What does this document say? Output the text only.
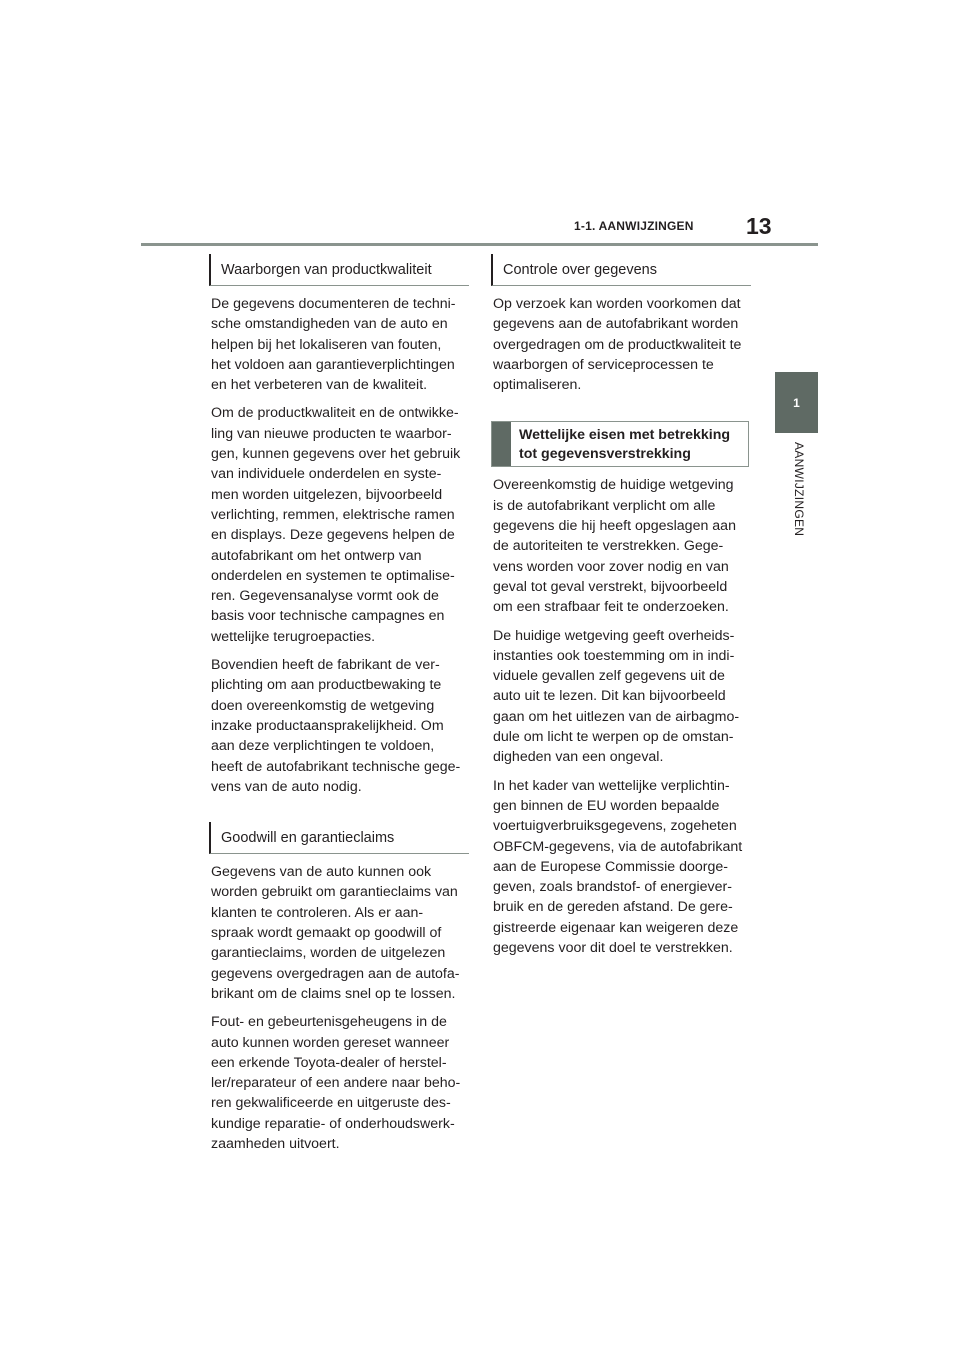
1-1. AANWIJZINGEN 13
1
AANWIJZINGEN
Waarborgen van productkwaliteit
De gegevens documenteren de techni-
sche omstandigheden van de auto en
helpen bij het lokaliseren van fouten,
het voldoen aan garantieverplichtingen
en het verbeteren van de kwaliteit.
Om de productkwaliteit en de ontwikke-
ling van nieuwe producten te waarbor-
gen, kunnen gegevens over het gebruik
van individuele onderdelen en syste-
men worden uitgelezen, bijvoorbeeld
verlichting, remmen, elektrische ramen
en displays. Deze gegevens helpen de
autofabrikant om het ontwerp van
onderdelen en systemen te optimalise-
ren. Gegevensanalyse vormt ook de
basis voor technische campagnes en
wettelijke terugroepacties.
Bovendien heeft de fabrikant de ver-
plichting om aan productbewaking te
doen overeenkomstig de wetgeving
inzake productaansprakelijkheid. Om
aan deze verplichtingen te voldoen,
heeft de autofabrikant technische gege-
vens van de auto nodig.
Goodwill en garantieclaims
Gegevens van de auto kunnen ook
worden gebruikt om garantieclaims van
klanten te controleren. Als er aan-
spraak wordt gemaakt op goodwill of
garantieclaims, worden de uitgelezen
gegevens overgedragen aan de autofa-
brikant om de claims snel op te lossen.
Fout- en gebeurtenisgeheugens in de
auto kunnen worden gereset wanneer
een erkende Toyota-dealer of herstel-
ler/reparateur of een andere naar beho-
ren gekwalificeerde en uitgeruste des-
kundige reparatie- of onderhoudswerk-
zaamheden uitvoert.
Controle over gegevens
Op verzoek kan worden voorkomen dat
gegevens aan de autofabrikant worden
overgedragen om de productkwaliteit te
waarborgen of serviceprocessen te
optimaliseren.
Wettelijke eisen met betrekking
tot gegevensverstrekking
Overeenkomstig de huidige wetgeving
is de autofabrikant verplicht om alle
gegevens die hij heeft opgeslagen aan
de autoriteiten te verstrekken. Gege-
vens worden voor zover nodig en van
geval tot geval verstrekt, bijvoorbeeld
om een strafbaar feit te onderzoeken.
De huidige wetgeving geeft overheids-
instanties ook toestemming om in indi-
viduele gevallen zelf gegevens uit de
auto uit te lezen. Dit kan bijvoorbeeld
gaan om het uitlezen van de airbagmo-
dule om licht te werpen op de omstan-
digheden van een ongeval.
In het kader van wettelijke verplichtin-
gen binnen de EU worden bepaalde
voertuigverbruiksgegevens, zogeheten
OBFCM-gegevens, via de autofabrikant
aan de Europese Commissie doorge-
geven, zoals brandstof- of energiever-
bruik en de gereden afstand. De gere-
gistreerde eigenaar kan weigeren deze
gegevens voor dit doel te verstrekken.
